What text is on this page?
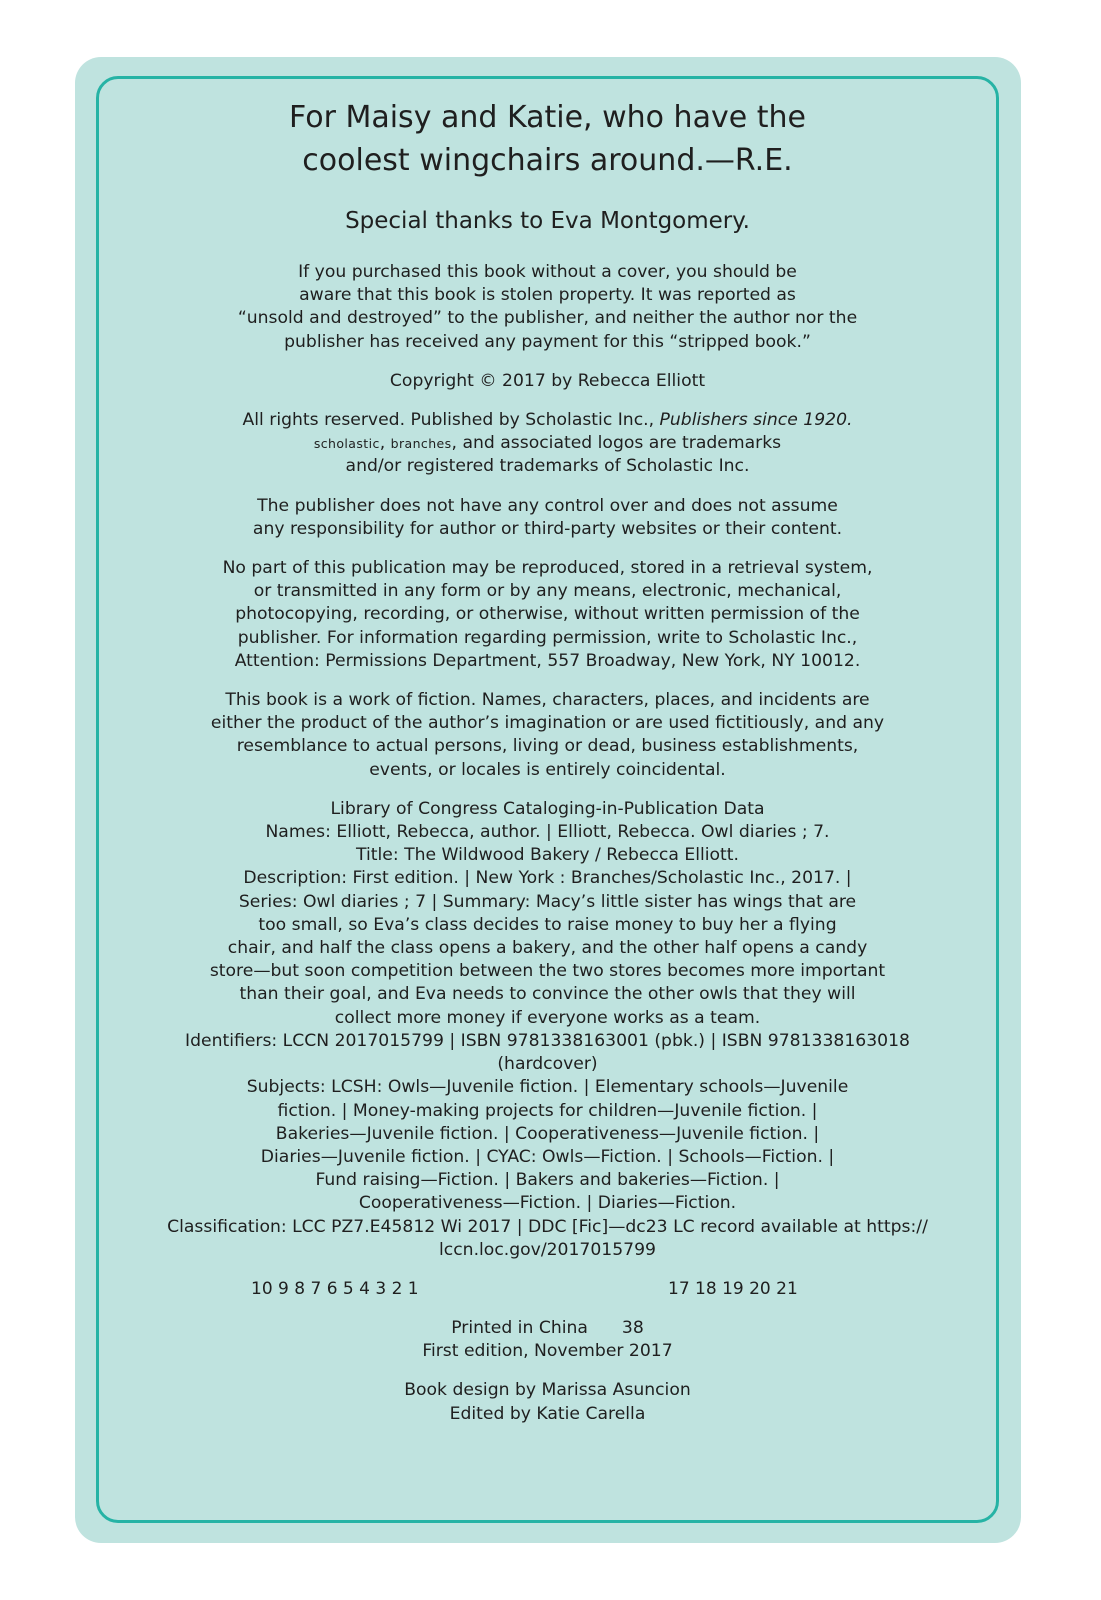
For Maisy and Katie, who have the
coolest wingchairs around.—R.E.
Special thanks to Eva Montgomery.
If you purchased this book without a cover, you should be
aware that this book is stolen property. It was reported as
“unsold and destroyed” to the publisher, and neither the author nor the
publisher has received any payment for this “stripped book.”
Copyright © 2017 by Rebecca Elliott
All rights reserved. Published by Scholastic Inc., Publishers since 1920.
scholastic, branches, and associated logos are trademarks
and/or registered trademarks of Scholastic Inc.
The publisher does not have any control over and does not assume
any responsibility for author or third-party websites or their content.
No part of this publication may be reproduced, stored in a retrieval system,
or transmitted in any form or by any means, electronic, mechanical,
photocopying, recording, or otherwise, without written permission of the
publisher. For information regarding permission, write to Scholastic Inc.,
Attention: Permissions Department, 557 Broadway, New York, NY 10012.
This book is a work of fiction. Names, characters, places, and incidents are
either the product of the author’s imagination or are used fictitiously, and any
resemblance to actual persons, living or dead, business establishments,
events, or locales is entirely coincidental.
Library of Congress Cataloging-in-Publication Data
Names: Elliott, Rebecca, author. | Elliott, Rebecca. Owl diaries ; 7.
Title: The Wildwood Bakery / Rebecca Elliott.
Description: First edition. | New York : Branches/Scholastic Inc., 2017. |
Series: Owl diaries ; 7 | Summary: Macy’s little sister has wings that are
too small, so Eva’s class decides to raise money to buy her a flying
chair, and half the class opens a bakery, and the other half opens a candy
store—but soon competition between the two stores becomes more important
than their goal, and Eva needs to convince the other owls that they will
collect more money if everyone works as a team.
Identifiers: LCCN 2017015799 | ISBN 9781338163001 (pbk.) | ISBN 9781338163018
(hardcover)
Subjects: LCSH: Owls—Juvenile fiction. | Elementary schools—Juvenile
fiction. | Money-making projects for children—Juvenile fiction. |
Bakeries—Juvenile fiction. | Cooperativeness—Juvenile fiction. |
Diaries—Juvenile fiction. | CYAC: Owls—Fiction. | Schools—Fiction. |
Fund raising—Fiction. | Bakers and bakeries—Fiction. |
Cooperativeness—Fiction. | Diaries—Fiction.
Classification: LCC PZ7.E45812 Wi 2017 | DDC [Fic]—dc23 LC record available at https://
lccn.loc.gov/2017015799
10 9 8 7 6 5 4 3 2 1	17 18 19 20 21
Printed in China 38
First edition, November 2017
Book design by Marissa Asuncion
Edited by Katie Carella
